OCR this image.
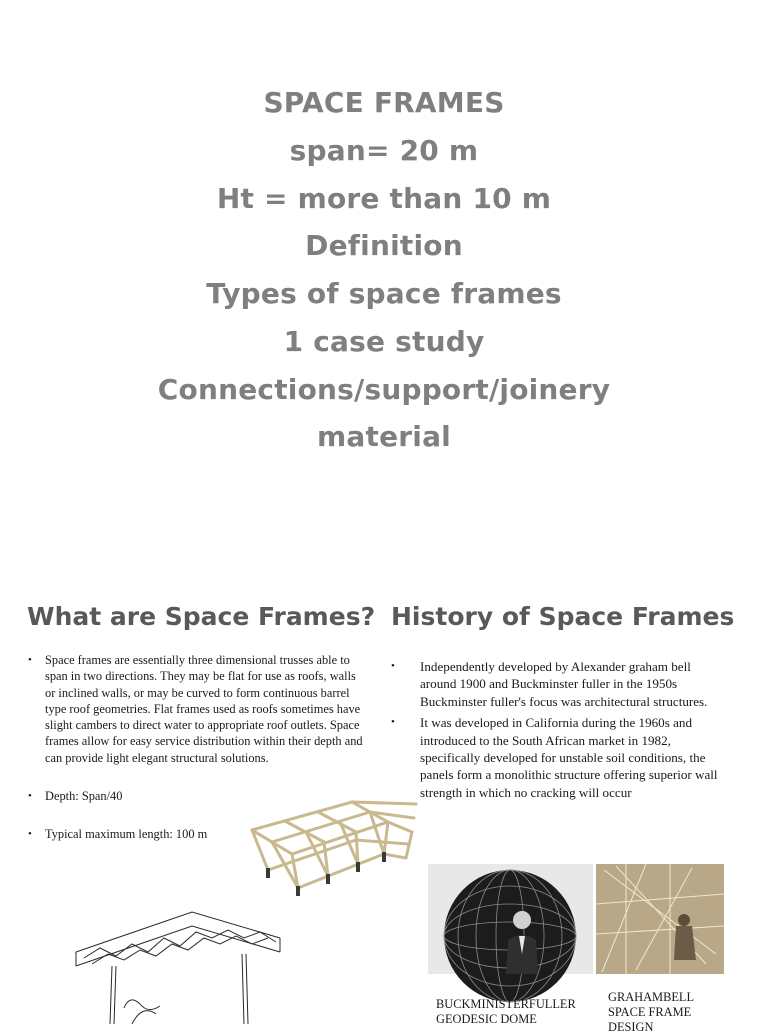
SPACE FRAMES
span= 20 m
Ht = more than 10 m
Definition
Types of space frames
1 case study
Connections/support/joinery
material
What are Space Frames? History of Space Frames
• Space frames are essentially three dimensional trusses able to span in two directions. They may be flat for use as roofs, walls or inclined walls, or may be curved to form continuous barrel type roof geometries. Flat frames used as roofs sometimes have slight cambers to direct water to appropriate roof outlets. Space frames allow for easy service distribution within their depth and can provide light elegant structural solutions.
• Depth: Span/40
• Typical maximum length: 100 m
• Independently developed by Alexander graham bell around 1900 and Buckminster fuller in the 1950s Buckminster fuller's focus was architectural structures.
• It was developed in California during the 1960s and introduced to the South African market in 1982, specifically developed for unstable soil conditions, the panels form a monolithic structure offering superior wall strength in which no cracking will occur
BUCKMINISTERFULLER
GEODESIC DOME
GRAHAMBELL
SPACE FRAME
DESIGN
